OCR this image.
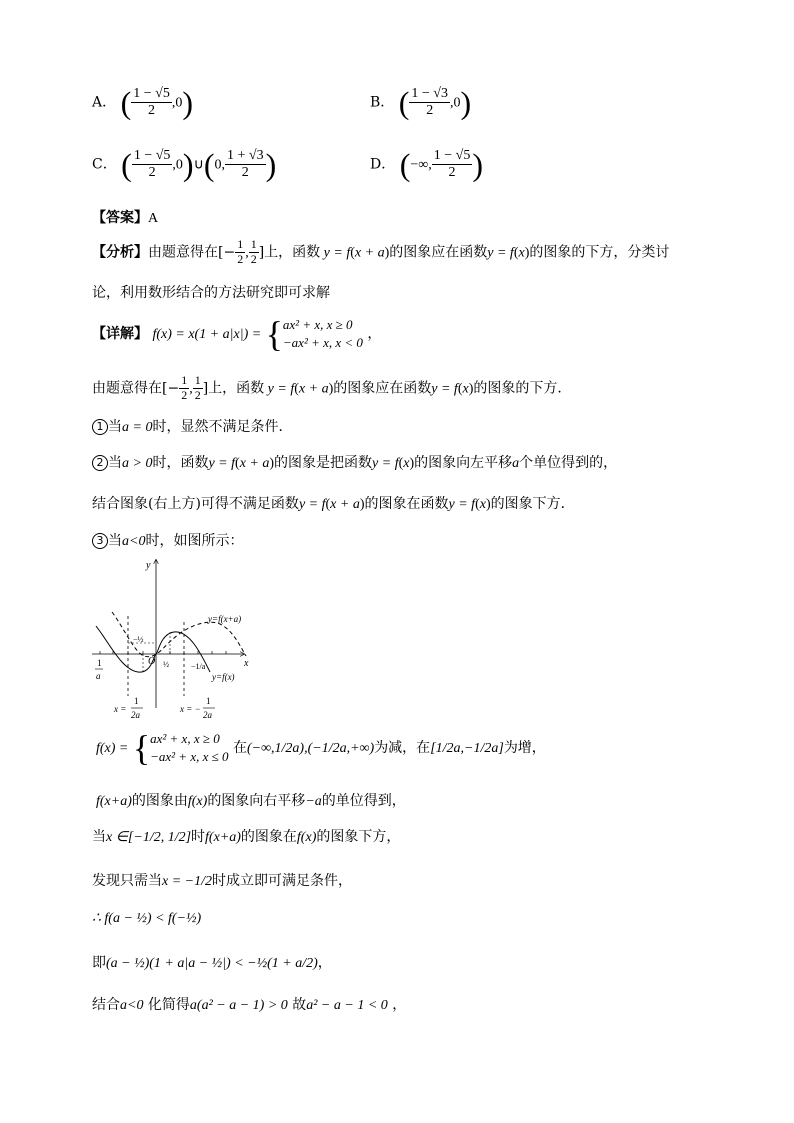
A． ( $\frac{1 - √5}{2} ,0$)	B． ( $\frac{1 - √3}{2} ,0$)
C． ( $\frac{1 - √5}{2}$ ,0)∪(0, $\frac{1 + √3}{2}$ )	D． (−∞, $\frac{1 - √5}{2}$ )
【答案】A
【分析】由题意得在[− $\frac{1}{2}$ , $\frac{1}{2}$ ]上，函数 y = f(x + a)的图象应在函数y = f(x)的图象的下方，分类讨
论，利用数形结合的方法研究即可求解
【详解】 f(x) = x(1 + a|x|) = { ax² + x, x ≥ 0
−ax² + x, x < 0
，
由题意得在[− $\frac{1}{2}$ , $\frac{1}{2}$ ]上，函数 y = f(x + a)的图象应在函数y = f(x)的图象的下方．
1 当a = 0时，显然不满足条件．
2 当a > 0时，函数y = f(x + a)的图象是把函数y = f(x)的图象向左平移a个单位得到的，
结合图象(右上方)可得不满足函数y = f(x + a)的图象在函数y = f(x)的图象下方．
3 当a<0时，如图所示：
y
x
O
y=f(x+a)
y=f(x)
−½
½
1
a
−1/a
x =
1
2a
x = −
1
2a
f(x) = { ax² + x, x ≥ 0
−ax² + x, x ≤ 0
在(−∞,1/2a),(−1/2a,+∞)为减，在[1/2a,−1/2a]为增，
f(x+a)的图象由f(x)的图象向右平移−a的单位得到，
当x ∈[−1/2, 1/2]时f(x+a)的图象在f(x)的图象下方，
发现只需当x = −1/2时成立即可满足条件，
∴ f(a − ½) < f(−½)
即(a − ½)(1 + a|a − ½|) < −½(1 + a/2)，
结合a<0 化简得a(a² − a − 1) > 0 故a² − a − 1 < 0 ，
